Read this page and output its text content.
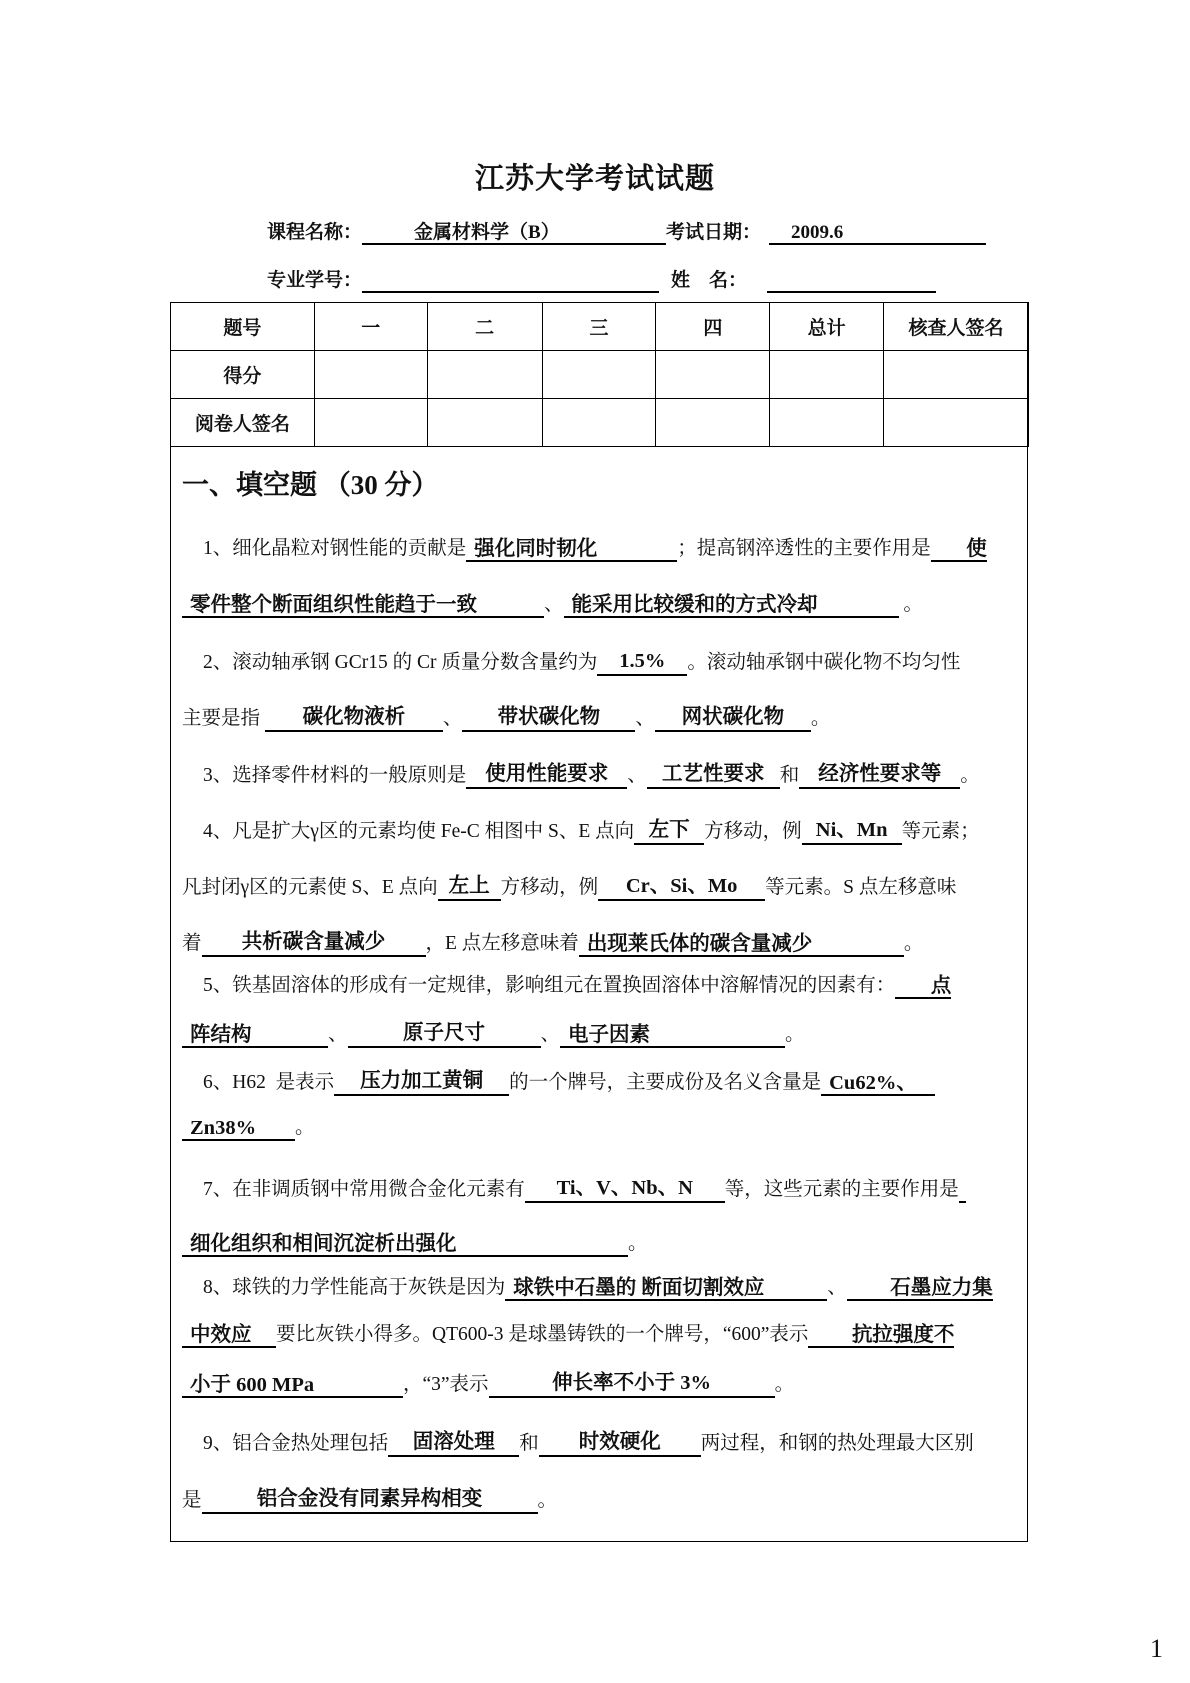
江苏大学考试试题
课程名称：	金属材料学（B）	考试日期： 2009.6
专业学号：	姓    名：
题号	一	二	三	四	总计	核查人签名
得分						
阅卷人签名						
一、填空题 （30 分）
1、细化晶粒对钢性能的贡献是 强化同时韧化	；提高钢淬透性的主要作用是 使
零件整个断面组织性能趋于一致	、 能采用比较缓和的方式冷却	。
2、滚动轴承钢 GCr15 的 Cr 质量分数含量约为 1.5% 。滚动轴承钢中碳化物不均匀性
主要是指 碳化物液析 、 带状碳化物 、 网状碳化物 。
3、选择零件材料的一般原则是 使用性能要求 、 工艺性要求 和 经济性要求等 。
4、凡是扩大γ区的元素均使 Fe-C 相图中 S、E 点向 左下 方移动，例 Ni、Mn 等元素；
凡封闭γ区的元素使 S、E 点向 左上 方移动，例 Cr、Si、Mo 等元素。S 点左移意味
着 共析碳含量减少 ，E 点左移意味着 出现莱氏体的碳含量减少	。
5、铁基固溶体的形成有一定规律，影响组元在置换固溶体中溶解情况的因素有： 点
阵结构	、	原子尺寸	、 电子因素	。
6、H62  是表示 压力加工黄铜 的一个牌号，主要成份及名义含量是 Cu62%、
Zn38% 。
7、在非调质钢中常用微合金化元素有 Ti、V、Nb、N 等，这些元素的主要作用是
细化组织和相间沉淀析出强化	。
8、球铁的力学性能高于灰铁是因为 球铁中石墨的 断面切割效应	、 石墨应力集
中效应 要比灰铁小得多。QT600-3 是球墨铸铁的一个牌号，“600”表示 抗拉强度不
小于 600 MPa	，“3”表示	伸长率不小于 3%	。
9、铝合金热处理包括 固溶处理 和 时效硬化 两过程，和钢的热处理最大区别
是	铝合金没有同素异构相变	。
1
